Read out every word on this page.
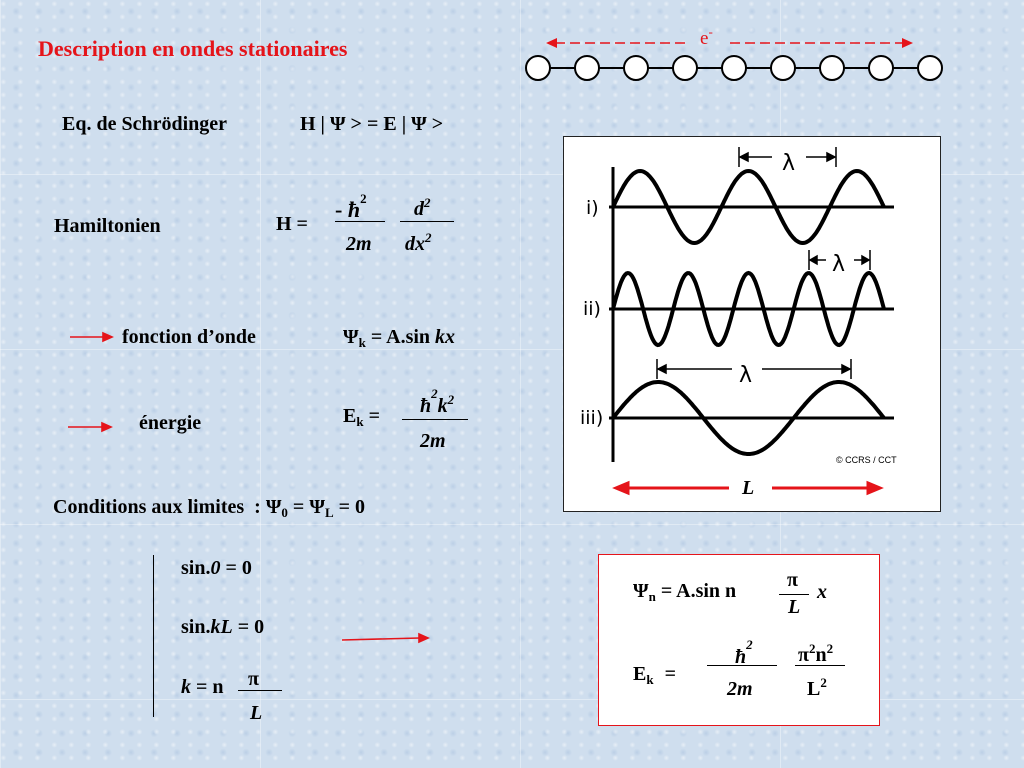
Description en ondes stationaires	e-
Eq. de Schrödinger	H | Ψ > = E | Ψ >
Hamiltonien	H =
- $ħ^2$
2m
$d^2$
$dx^2$
fonction d’onde	$\Psi_k = A.\sin$ kx
énergie	$E_k$ = $ħ^2k^2$
2m
Conditions aux limites  : $\Psi_0 = \Psi_L = 0$
sin.0 = 0
sin.kL = 0
k = n π
L
$\Psi_n = A.\sin$ n	π
L
x
$E_k$ =
$ħ^2$
2m
$\pi^2n^2$
$L^2$
λ
λ
λ
i)
ii)
iii)
© CCRS / CCT
L
